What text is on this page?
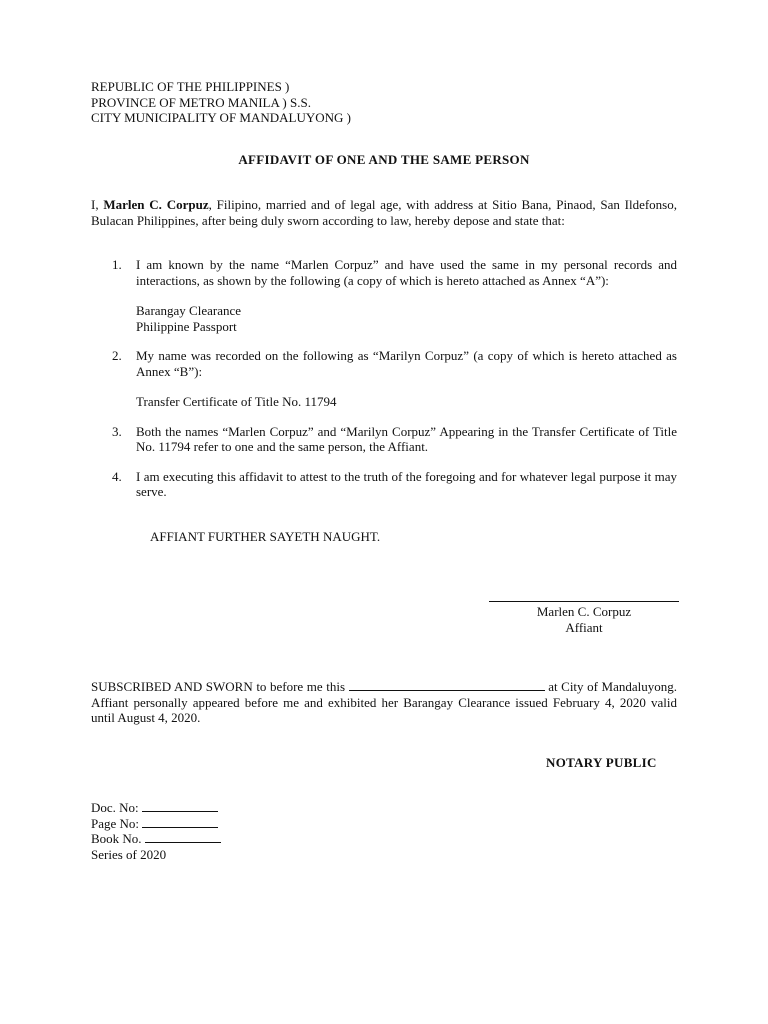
REPUBLIC OF THE PHILIPPINES )
PROVINCE OF METRO MANILA ) S.S.
CITY MUNICIPALITY OF MANDALUYONG )
AFFIDAVIT OF ONE AND THE SAME PERSON
I, Marlen C. Corpuz, Filipino, married and of legal age, with address at Sitio Bana, Pinaod, San Ildefonso, Bulacan Philippines, after being duly sworn according to law, hereby depose and state that:
1. I am known by the name “Marlen Corpuz” and have used the same in my personal records and interactions, as shown by the following (a copy of which is hereto attached as Annex “A”):
Barangay Clearance
Philippine Passport
2. My name was recorded on the following as “Marilyn Corpuz” (a copy of which is hereto attached as Annex “B”):
Transfer Certificate of Title No. 11794
3. Both the names “Marlen Corpuz” and “Marilyn Corpuz” Appearing in the Transfer Certificate of Title No. 11794 refer to one and the same person, the Affiant.
4. I am executing this affidavit to attest to the truth of the foregoing and for whatever legal purpose it may serve.
AFFIANT FURTHER SAYETH NAUGHT.
Marlen C. Corpuz
Affiant
SUBSCRIBED AND SWORN to before me this	at City of Mandaluyong. Affiant personally appeared before me and exhibited her Barangay Clearance issued February 4, 2020 valid until August 4, 2020.
NOTARY PUBLIC
Doc. No:
Page No:
Book No.
Series of 2020
